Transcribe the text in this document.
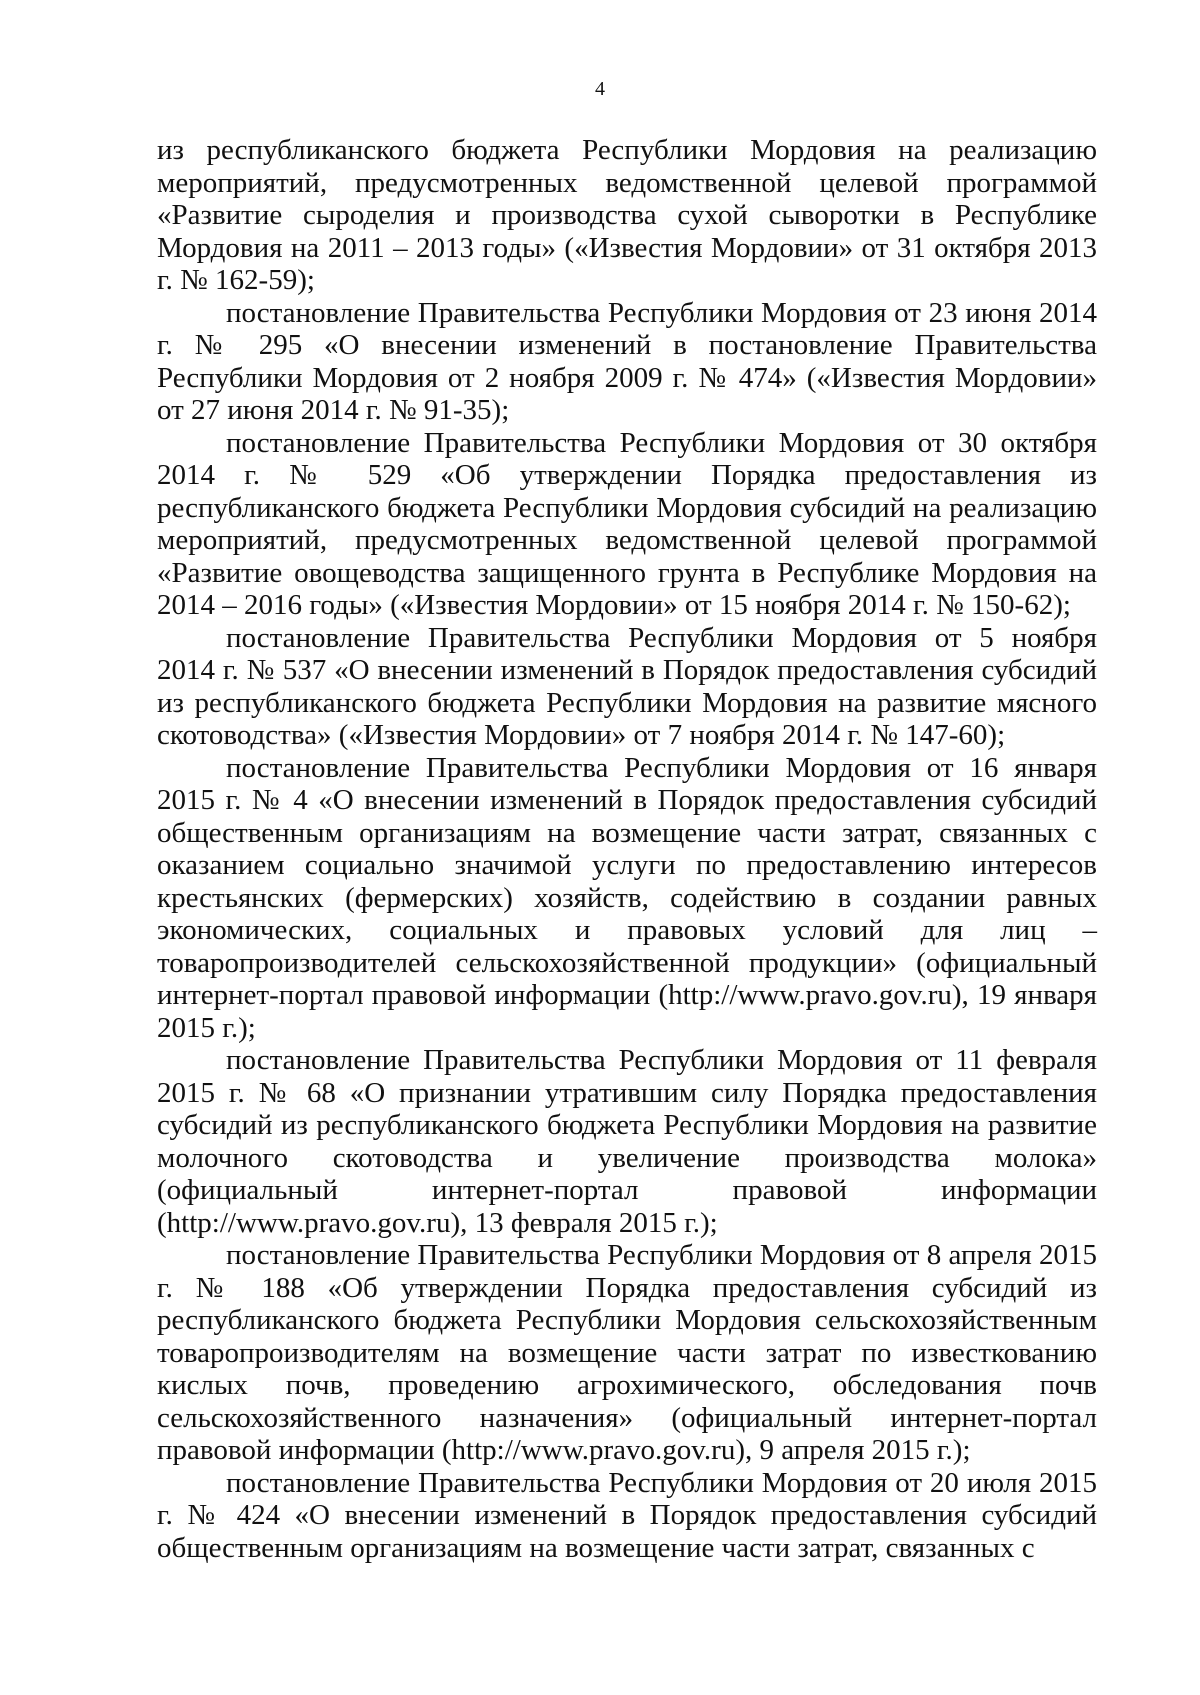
4

из республиканского бюджета Республики Мордовия на реализацию мероприятий, предусмотренных ведомственной целевой программой «Развитие сыроделия и производства сухой сыворотки в Республике Мордовия на 2011 – 2013 годы» («Известия Мордовии» от 31 октября 2013 г. № 162-59);

постановление Правительства Республики Мордовия от 23 июня 2014 г. № 295 «О внесении изменений в постановление Правительства Республики Мордовия от 2 ноября 2009 г. № 474» («Известия Мордовии» от 27 июня 2014 г. № 91-35);

постановление Правительства Республики Мордовия от 30 октября 2014 г. № 529 «Об утверждении Порядка предоставления из республиканского бюджета Республики Мордовия субсидий на реализацию мероприятий, предусмотренных ведомственной целевой программой «Развитие овощеводства защищенного грунта в Республике Мордовия на 2014 – 2016 годы» («Известия Мордовии» от 15 ноября 2014 г. № 150-62);

постановление Правительства Республики Мордовия от 5 ноября 2014 г. № 537 «О внесении изменений в Порядок предоставления субсидий из республиканского бюджета Республики Мордовия на развитие мясного скотоводства» («Известия Мордовии» от 7 ноября 2014 г. № 147-60);

постановление Правительства Республики Мордовия от 16 января 2015 г. № 4 «О внесении изменений в Порядок предоставления субсидий общественным организациям на возмещение части затрат, связанных с оказанием социально значимой услуги по предоставлению интересов крестьянских (фермерских) хозяйств, содействию в создании равных экономических, социальных и правовых условий для лиц – товаропроизводителей сельскохозяйственной продукции» (официальный интернет-портал правовой информации (http://www.pravo.gov.ru), 19 января 2015 г.);

постановление Правительства Республики Мордовия от 11 февраля 2015 г. № 68 «О признании утратившим силу Порядка предоставления субсидий из республиканского бюджета Республики Мордовия на развитие молочного скотоводства и увеличение производства молока» (официальный интернет-портал правовой информации (http://www.pravo.gov.ru), 13 февраля 2015 г.);

постановление Правительства Республики Мордовия от 8 апреля 2015 г. № 188 «Об утверждении Порядка предоставления субсидий из республиканского бюджета Республики Мордовия сельскохозяйственным товаропроизводителям на возмещение части затрат по известкованию кислых почв, проведению агрохимического, обследования почв сельскохозяйственного назначения» (официальный интернет-портал правовой информации (http://www.pravo.gov.ru), 9 апреля 2015 г.);

постановление Правительства Республики Мордовия от 20 июля 2015 г. № 424 «О внесении изменений в Порядок предоставления субсидий общественным организациям на возмещение части затрат, связанных с
